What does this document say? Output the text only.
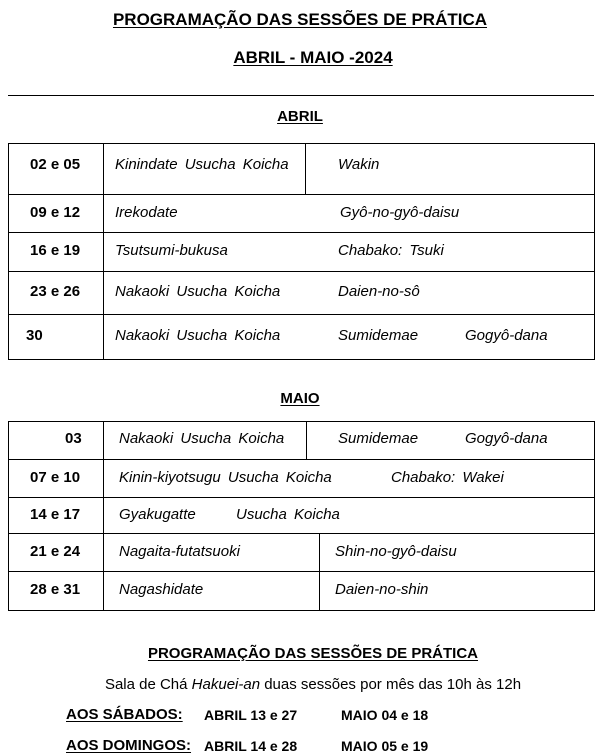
PROGRAMAÇÃO DAS SESSÕES DE PRÁTICA
ABRIL - MAIO -2024
ABRIL
02 e 05 Kinindate Usucha Koicha	Wakin
09 e 12 Irekodate	Gyô-no-gyô-daisu
16 e 19 Tsutsumi-bukusa	Chabako: Tsuki
23 e 26 Nakaoki Usucha Koicha	Daien-no-sô
30	Nakaoki Usucha Koicha	Sumidemae	Gogyô-dana
MAIO
03 Nakaoki Usucha Koicha	Sumidemae	Gogyô-dana
07 e 10	Kinin-kiyotsugu Usucha Koicha	Chabako: Wakei
14 e 17	Gyakugatte	Usucha Koicha
21 e 24	Nagaita-futatsuoki	Shin-no-gyô-daisu
28 e 31	Nagashidate	Daien-no-shin
PROGRAMAÇÃO DAS SESSÕES DE PRÁTICA
Sala de Chá Hakuei-an duas sessões por mês das 10h às 12h
AOS SÁBADOS: ABRIL 13 e 27	MAIO 04 e 18
AOS DOMINGOS: ABRIL 14 e 28	MAIO 05 e 19
